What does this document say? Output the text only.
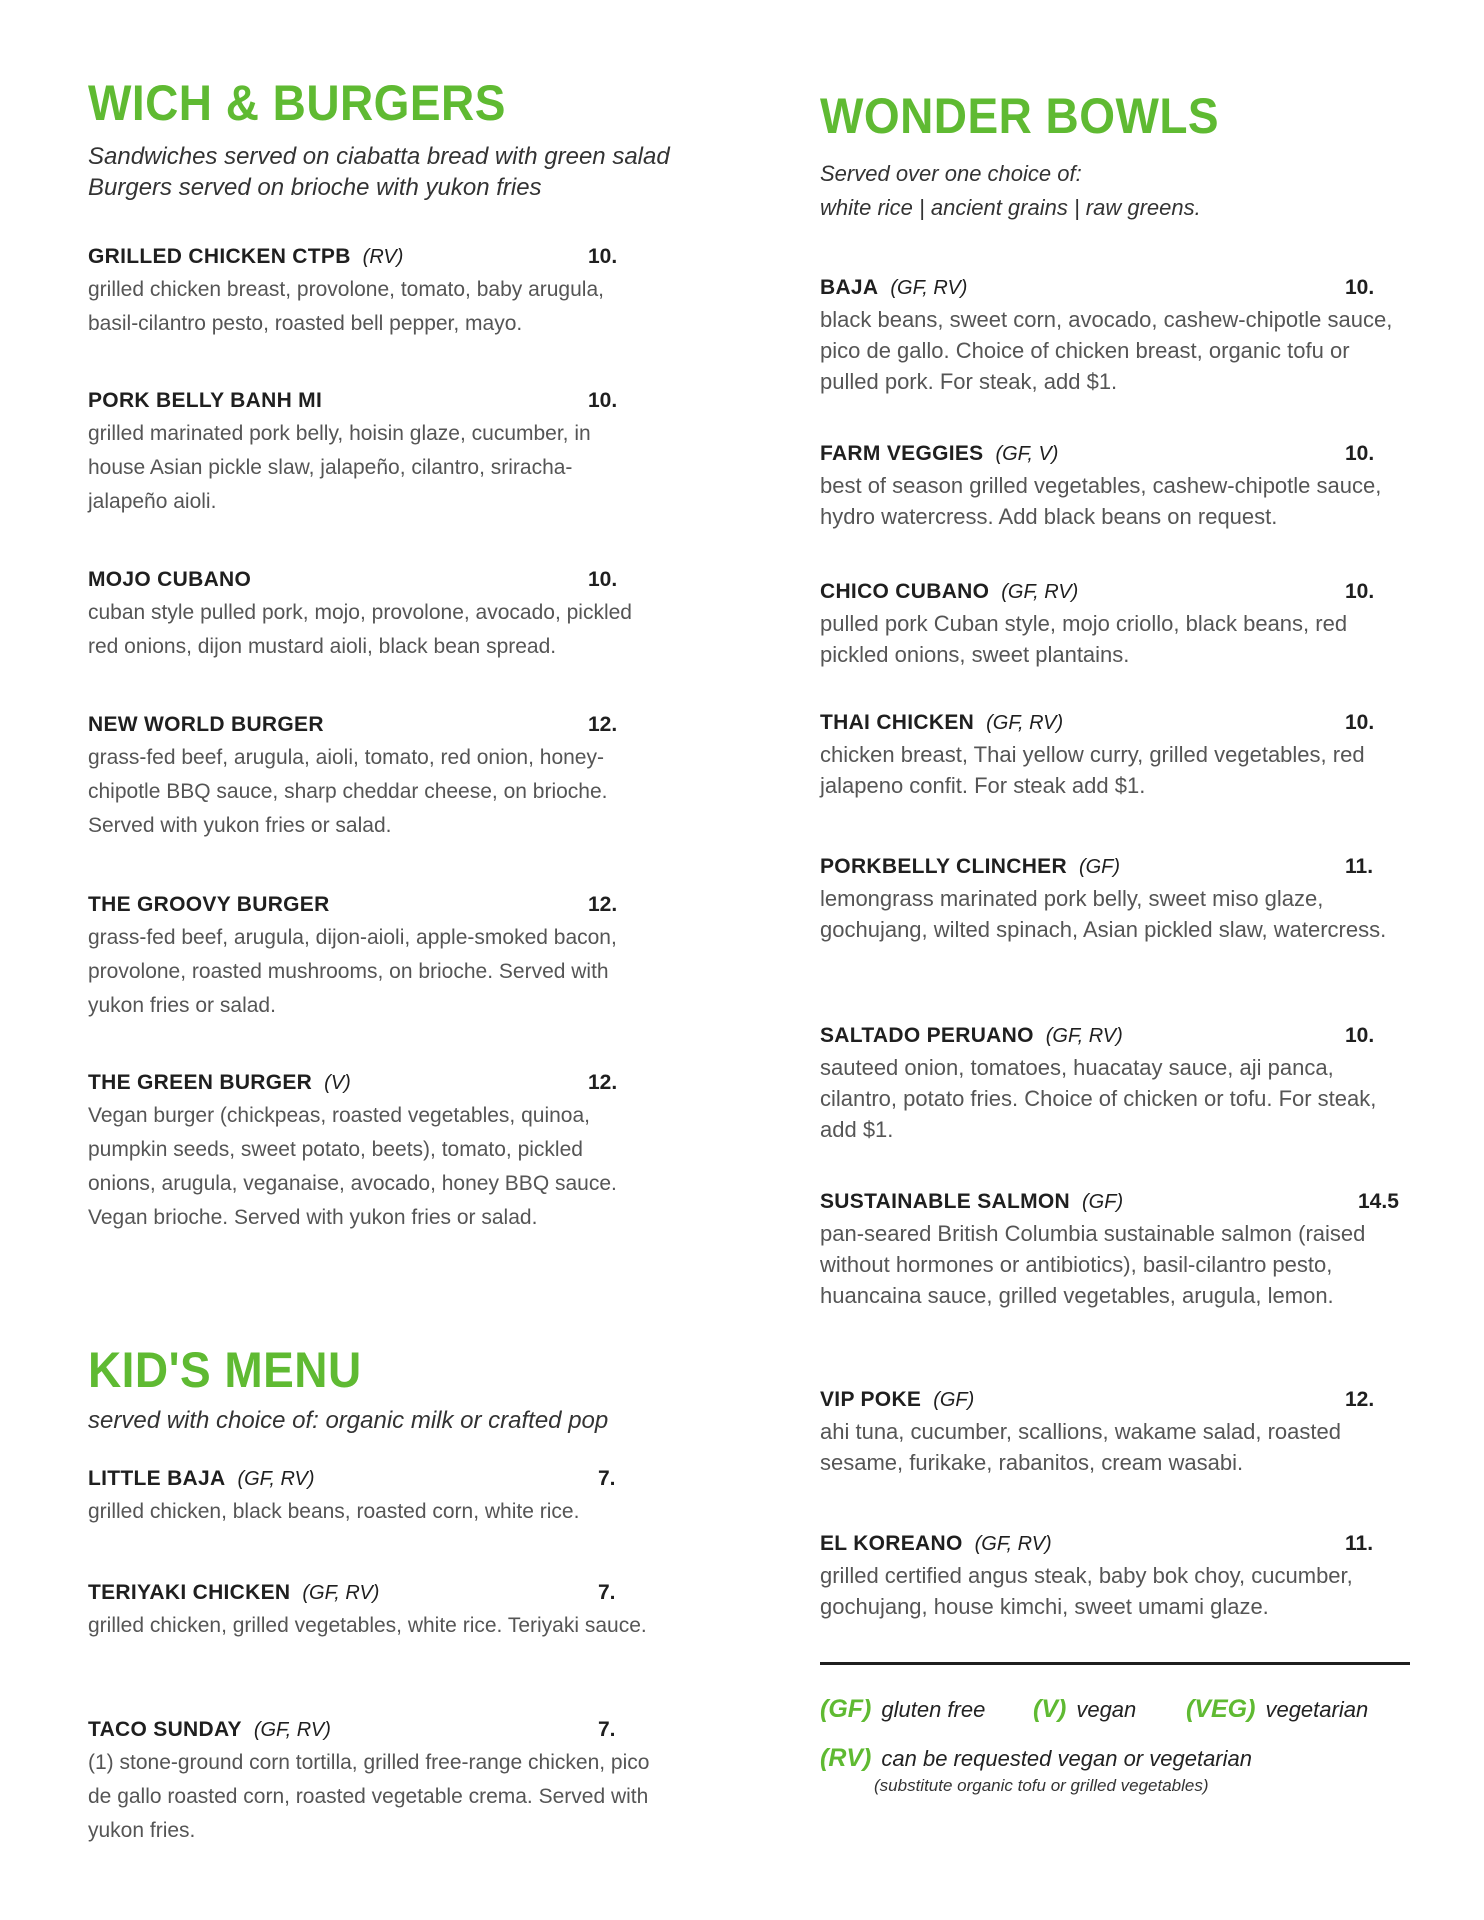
WICH & BURGERS
Sandwiches served on ciabatta bread with green salad
Burgers served on brioche with yukon fries
GRILLED CHICKEN CTPB (RV)	10.
grilled chicken breast, provolone, tomato, baby arugula, basil-cilantro pesto, roasted bell pepper, mayo.
PORK BELLY BANH MI	10.
grilled marinated pork belly, hoisin glaze, cucumber, in house Asian pickle slaw, jalapeño, cilantro, sriracha-jalapeño aioli.
MOJO CUBANO	10.
cuban style pulled pork, mojo, provolone, avocado, pickled red onions, dijon mustard aioli, black bean spread.
NEW WORLD BURGER	12.
grass-fed beef, arugula, aioli, tomato, red onion, honey-chipotle BBQ sauce, sharp cheddar cheese, on brioche. Served with yukon fries or salad.
THE GROOVY BURGER	12.
grass-fed beef, arugula, dijon-aioli, apple-smoked bacon, provolone, roasted mushrooms, on brioche. Served with yukon fries or salad.
THE GREEN BURGER (V)	12.
Vegan burger (chickpeas, roasted vegetables, quinoa, pumpkin seeds, sweet potato, beets), tomato, pickled onions, arugula, veganaise, avocado, honey BBQ sauce. Vegan brioche. Served with yukon fries or salad.
KID'S MENU
served with choice of: organic milk or crafted pop
LITTLE BAJA (GF, RV)	7.
grilled chicken, black beans, roasted corn, white rice.
TERIYAKI CHICKEN (GF, RV)	7.
grilled chicken, grilled vegetables, white rice. Teriyaki sauce.
TACO SUNDAY (GF, RV)	7.
(1) stone-ground corn tortilla, grilled free-range chicken, pico de gallo roasted corn, roasted vegetable crema. Served with yukon fries.
WONDER BOWLS
Served over one choice of:
white rice | ancient grains | raw greens.
BAJA (GF, RV)	10.
black beans, sweet corn, avocado, cashew-chipotle sauce, pico de gallo. Choice of chicken breast, organic tofu or pulled pork. For steak, add $1.
FARM VEGGIES (GF, V)	10.
best of season grilled vegetables, cashew-chipotle sauce, hydro watercress. Add black beans on request.
CHICO CUBANO (GF, RV)	10.
pulled pork Cuban style, mojo criollo, black beans, red pickled onions, sweet plantains.
THAI CHICKEN (GF, RV)	10.
chicken breast, Thai yellow curry, grilled vegetables, red jalapeno confit. For steak add $1.
PORKBELLY CLINCHER (GF)	11.
lemongrass marinated pork belly, sweet miso glaze, gochujang, wilted spinach, Asian pickled slaw, watercress.
SALTADO PERUANO (GF, RV)	10.
sauteed onion, tomatoes, huacatay sauce, aji panca, cilantro, potato fries. Choice of chicken or tofu. For steak, add $1.
SUSTAINABLE SALMON (GF)	14.5
pan-seared British Columbia sustainable salmon (raised without hormones or antibiotics), basil-cilantro pesto, huancaina sauce, grilled vegetables, arugula, lemon.
VIP POKE (GF)	12.
ahi tuna, cucumber, scallions, wakame salad, roasted sesame, furikake, rabanitos, cream wasabi.
EL KOREANO (GF, RV)	11.
grilled certified angus steak, baby bok choy, cucumber, gochujang, house kimchi, sweet umami glaze.
(GF) gluten free (V) vegan (VEG) vegetarian
(RV) can be requested vegan or vegetarian
(substitute organic tofu or grilled vegetables)
